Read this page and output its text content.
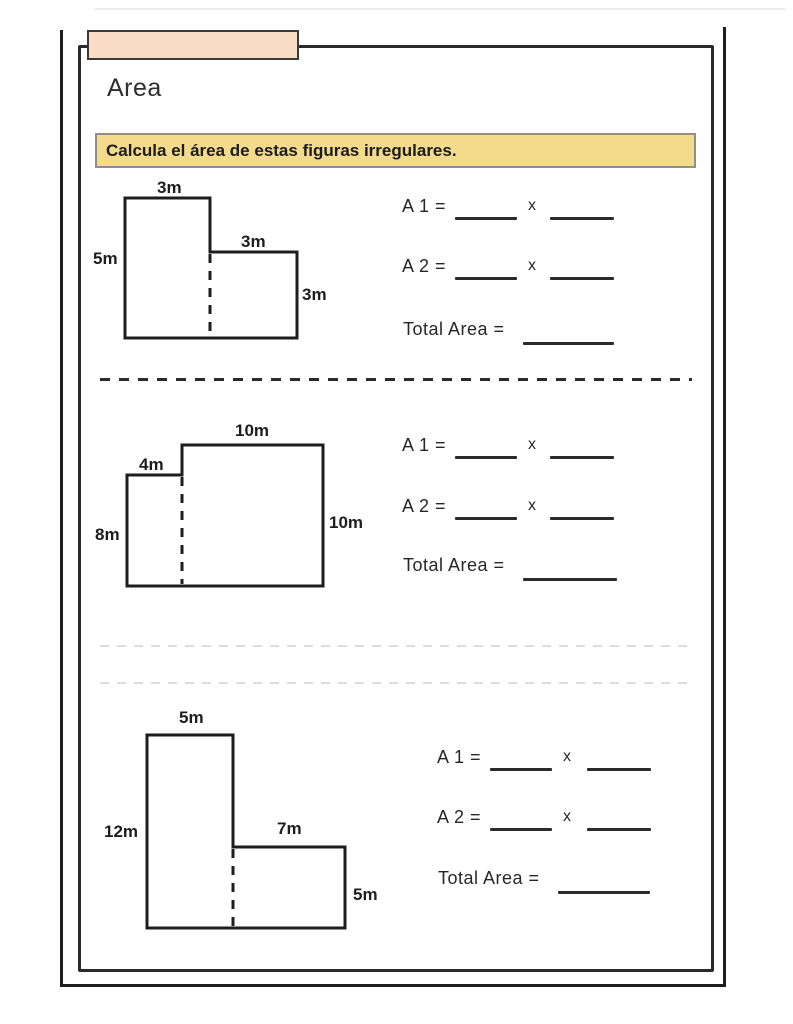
Area
Calcula el área de estas figuras irregulares.
3m
3m
5m
3m
A 1 =	x
A 2 =	x
Total Area =
10m
4m
8m
10m
A 1 =	x
A 2 =	x
Total Area =
5m
7m
12m
5m
A 1 =	x
A 2 =	x
Total Area =
